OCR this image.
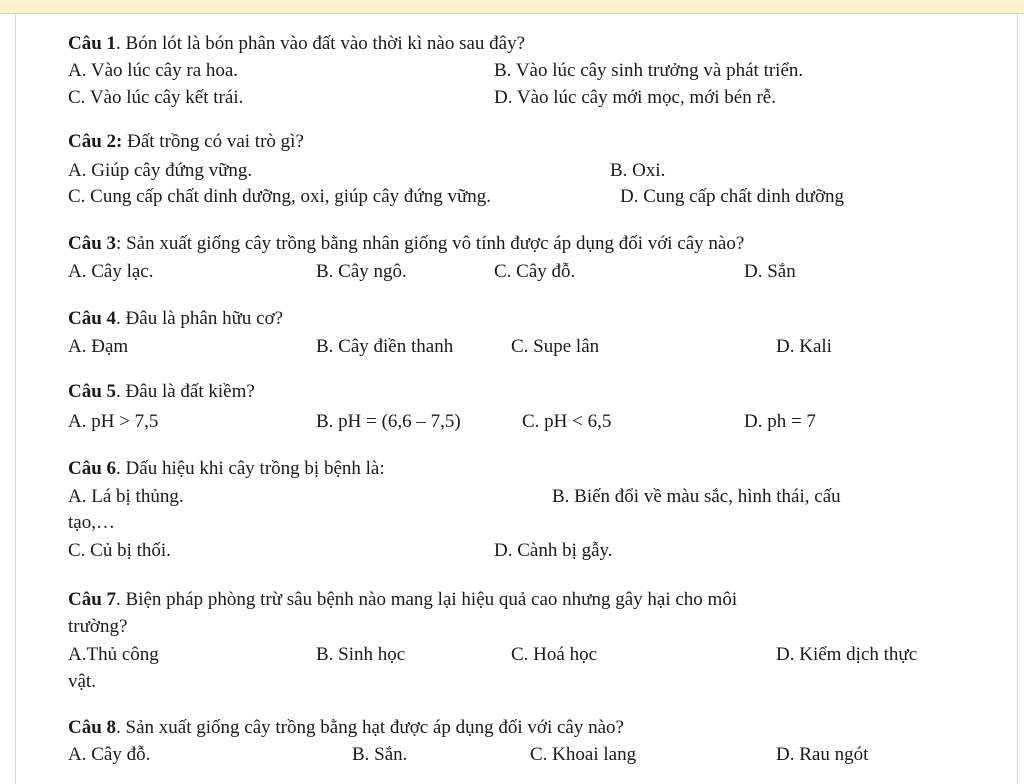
Câu 1. Bón lót là bón phân vào đất vào thời kì nào sau đây?
A. Vào lúc cây ra hoa.	B. Vào lúc cây sinh trưởng và phát triển.
C. Vào lúc cây kết trái.	D. Vào lúc cây mới mọc, mới bén rễ.
Câu 2: Đất trồng có vai trò gì?
A. Giúp cây đứng vững.	B. Oxi.
C. Cung cấp chất dinh dưỡng, oxi, giúp cây đứng vững.	D. Cung cấp chất dinh dưỡng
Câu 3: Sản xuất giống cây trồng bằng nhân giống vô tính được áp dụng đối với cây nào?
A. Cây lạc.	B. Cây ngô.	C. Cây đỗ.	D. Sắn
Câu 4. Đâu là phân hữu cơ?
A. Đạm	B. Cây điền thanh	C. Supe lân	D. Kali
Câu 5. Đâu là đất kiềm?
A. pH > 7,5	B. pH = (6,6 – 7,5)	C. pH < 6,5	D. ph = 7
Câu 6. Dấu hiệu khi cây trồng bị bệnh là:
A. Lá bị thủng.	B. Biến đổi về màu sắc, hình thái, cấu
tạo,…
C. Củ bị thối.	D. Cành bị gẫy.
Câu 7. Biện pháp phòng trừ sâu bệnh nào mang lại hiệu quả cao nhưng gây hại cho môi
trường?
A.Thủ công	B. Sinh học	C. Hoá học	D. Kiểm dịch thực
vật.
Câu 8. Sản xuất giống cây trồng bằng hạt được áp dụng đối với cây nào?
A. Cây đỗ.	B. Sắn.	C. Khoai lang	D. Rau ngót
